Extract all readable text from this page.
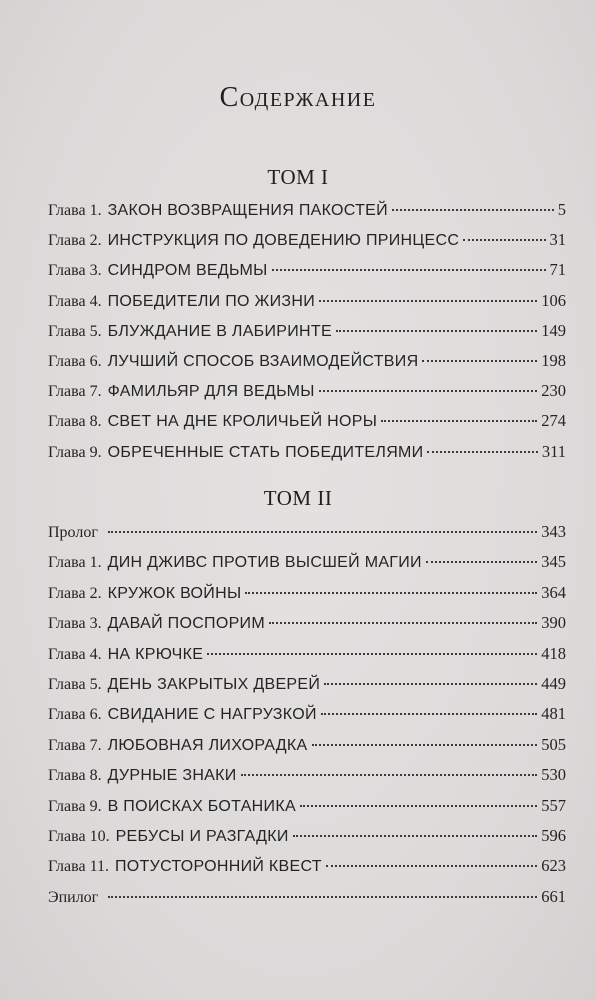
Содержание
ТОМ I
Глава 1. ЗАКОН ВОЗВРАЩЕНИЯ ПАКОСТЕЙ	5
Глава 2. ИНСТРУКЦИЯ ПО ДОВЕДЕНИЮ ПРИНЦЕСС	31
Глава 3. СИНДРОМ ВЕДЬМЫ	71
Глава 4. ПОБЕДИТЕЛИ ПО ЖИЗНИ	106
Глава 5. БЛУЖДАНИЕ В ЛАБИРИНТЕ	149
Глава 6. ЛУЧШИЙ СПОСОБ ВЗАИМОДЕЙСТВИЯ	198
Глава 7. ФАМИЛЬЯР ДЛЯ ВЕДЬМЫ	230
Глава 8. СВЕТ НА ДНЕ КРОЛИЧЬЕЙ НОРЫ	274
Глава 9. ОБРЕЧЕННЫЕ СТАТЬ ПОБЕДИТЕЛЯМИ	311
ТОМ II
Пролог	343
Глава 1. ДИН ДЖИВС ПРОТИВ ВЫСШЕЙ МАГИИ	345
Глава 2. КРУЖОК ВОЙНЫ	364
Глава 3. ДАВАЙ ПОСПОРИМ	390
Глава 4. НА КРЮЧКЕ	418
Глава 5. ДЕНЬ ЗАКРЫТЫХ ДВЕРЕЙ	449
Глава 6. СВИДАНИЕ С НАГРУЗКОЙ	481
Глава 7. ЛЮБОВНАЯ ЛИХОРАДКА	505
Глава 8. ДУРНЫЕ ЗНАКИ	530
Глава 9. В ПОИСКАХ БОТАНИКА	557
Глава 10. РЕБУСЫ И РАЗГАДКИ	596
Глава 11. ПОТУСТОРОННИЙ КВЕСТ	623
Эпилог	661
